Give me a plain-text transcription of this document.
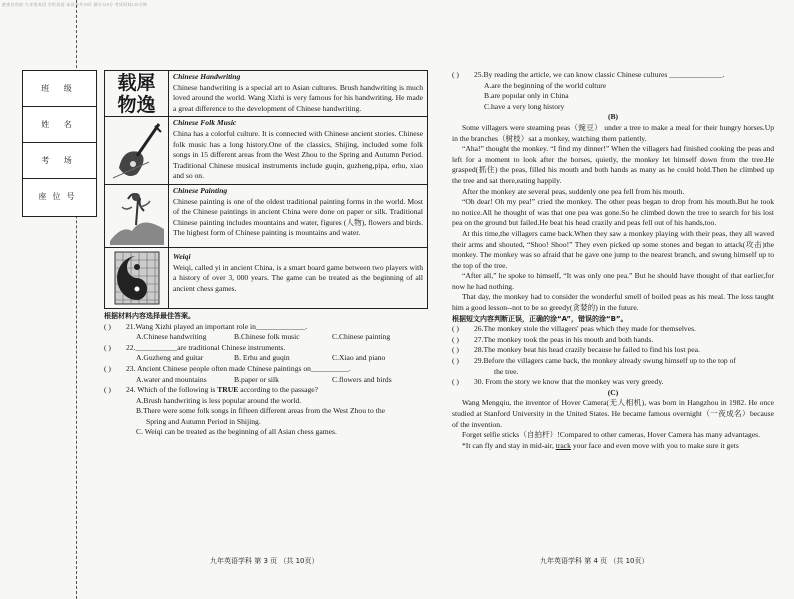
绝密启用前 九年级英语 学科试卷 本试卷共10页 满分120分 考试时间120分钟
班 级
姓 名
考 场
座位号
载 犀
物 逸
Chinese Handwriting
Chinese handwriting is a special art to Asian cultures. Brush handwriting is much loved around the world. Wang Xizhi is very famous for his handwriting. He made a great difference to the development of Chinese handwriting.
Chinese Folk Music
China has a colorful culture. It is connected with Chinese ancient stories. Chinese folk music has a long history.One of the classics, Shijing, included some folk songs in 15 different areas from the West Zhou to the Spring and Autumn Period. Traditional Chinese musical instruments include guqin, guzheng,pipa, erhu, xiao and so on.
Chinese Painting
Chinese painting is one of the oldest traditional painting forms in the world. Most of the Chinese paintings in ancient China were done on paper or silk. Traditional Chinese painting includes mountains and water, figures (人物), flowers and birds. The highest form of Chinese painting is mountains and water.
Weiqi
Weiqi, called yi in ancient China, is a smart board game between two players with a history of over 3, 000 years. The game can be treated as the beginning of all ancient chess games.
根据材料内容选择最佳答案。
( )	21.Wang Xizhi played an important role in_____________.
A.Chinese handwriting	B.Chinese folk music	C.Chinese painting
( )	22.___________are traditional Chinese instruments.
A.Guzheng and guitar	B. Erhu and guqin	C.Xiao and piano
( )	23. Ancient Chinese people often made Chinese paintings on__________.
A.water and mountains	B.paper or silk	C.flowers and birds
( )	24. Which of the following is TRUE according to the passage?
A.Brush handwriting is less popular around the world.
B.There were some folk songs in fifteen different areas from the West Zhou to the
Spring and Autumn Period in Shijing.
C. Weiqi can be treated as the beginning of all Asian chess games.
九年英语学科 第 3 页 （共 10页）
( )	25.By reading the article, we can know classic Chinese cultures ______________.
A.are the beginning of the world culture
B.are popular only in China
C.have a very long history
(B)
Some villagers were steaming peas（豌豆） under a tree to make a meal for their hungry horses.Up in the branches（树枝）sat a monkey, watching them patiently.
“Aha!” thought the monkey. “I find my dinner!” When the villagers had finished cooking the peas and left for a moment to look after the horses, quietly, the monkey let himself down from the tree.He grasped(抓住) the peas, filled his mouth and both hands as many as he could hold.Then he climbed up the tree and sat there,eating happily.
After the monkey ate several peas, suddenly one pea fell from his mouth.
“Oh dear! Oh my pea!” cried the monkey. The other peas began to drop from his mouth.But he took no notice.All he thought of was that one pea was gone.So he climbed down the tree to search for his lost pea on the ground but failed.He beat his head crazily and peas fell out of his hands,too.
At this time,the villagers came back.When they saw a monkey playing with their peas, they all waved their arms and shouted, “Shoo! Shoo!” They even picked up some stones and began to attack(攻击)the monkey. The monkey was so afraid that he gave one jump to the nearest branch, and swung himself up to the top of the tree.
“After all,” he spoke to himself, “It was only one pea.” But he should have thought of that earlier,for now he had nothing.
That day, the monkey had to consider the wonderful smell of boiled peas as his meal. The loss taught him a good lesson--not to be so greedy(贪婪的) in the future.
根据短文内容判断正误，正确的涂“A”，错误的涂“B”。
( )	26.The monkey stole the villagers' peas which they made for themselves.
( )	27.The monkey took the peas in his mouth and both hands.
( )	28.The monkey beat his head crazily because he failed to find his lost pea.
( )	29.Before the villagers came back, the monkey already swung himself up to the top of
the tree.
( )	30. From the story we know that the monkey was very greedy.
(C)
Wang Mengqiu, the inventor of Hover Camera(无人相机), was born in Hangzhou in 1982. He once studied at Stanford University in the United States. He became famous overnight（一夜成名）because of the invention.
Forget selfie sticks（自拍杆）!Compared to other cameras, Hover Camera has many advantages.
*It can fly and stay in mid-air, track your face and even move with you to make sure it gets
九年英语学科 第 4 页 （共 10页）
